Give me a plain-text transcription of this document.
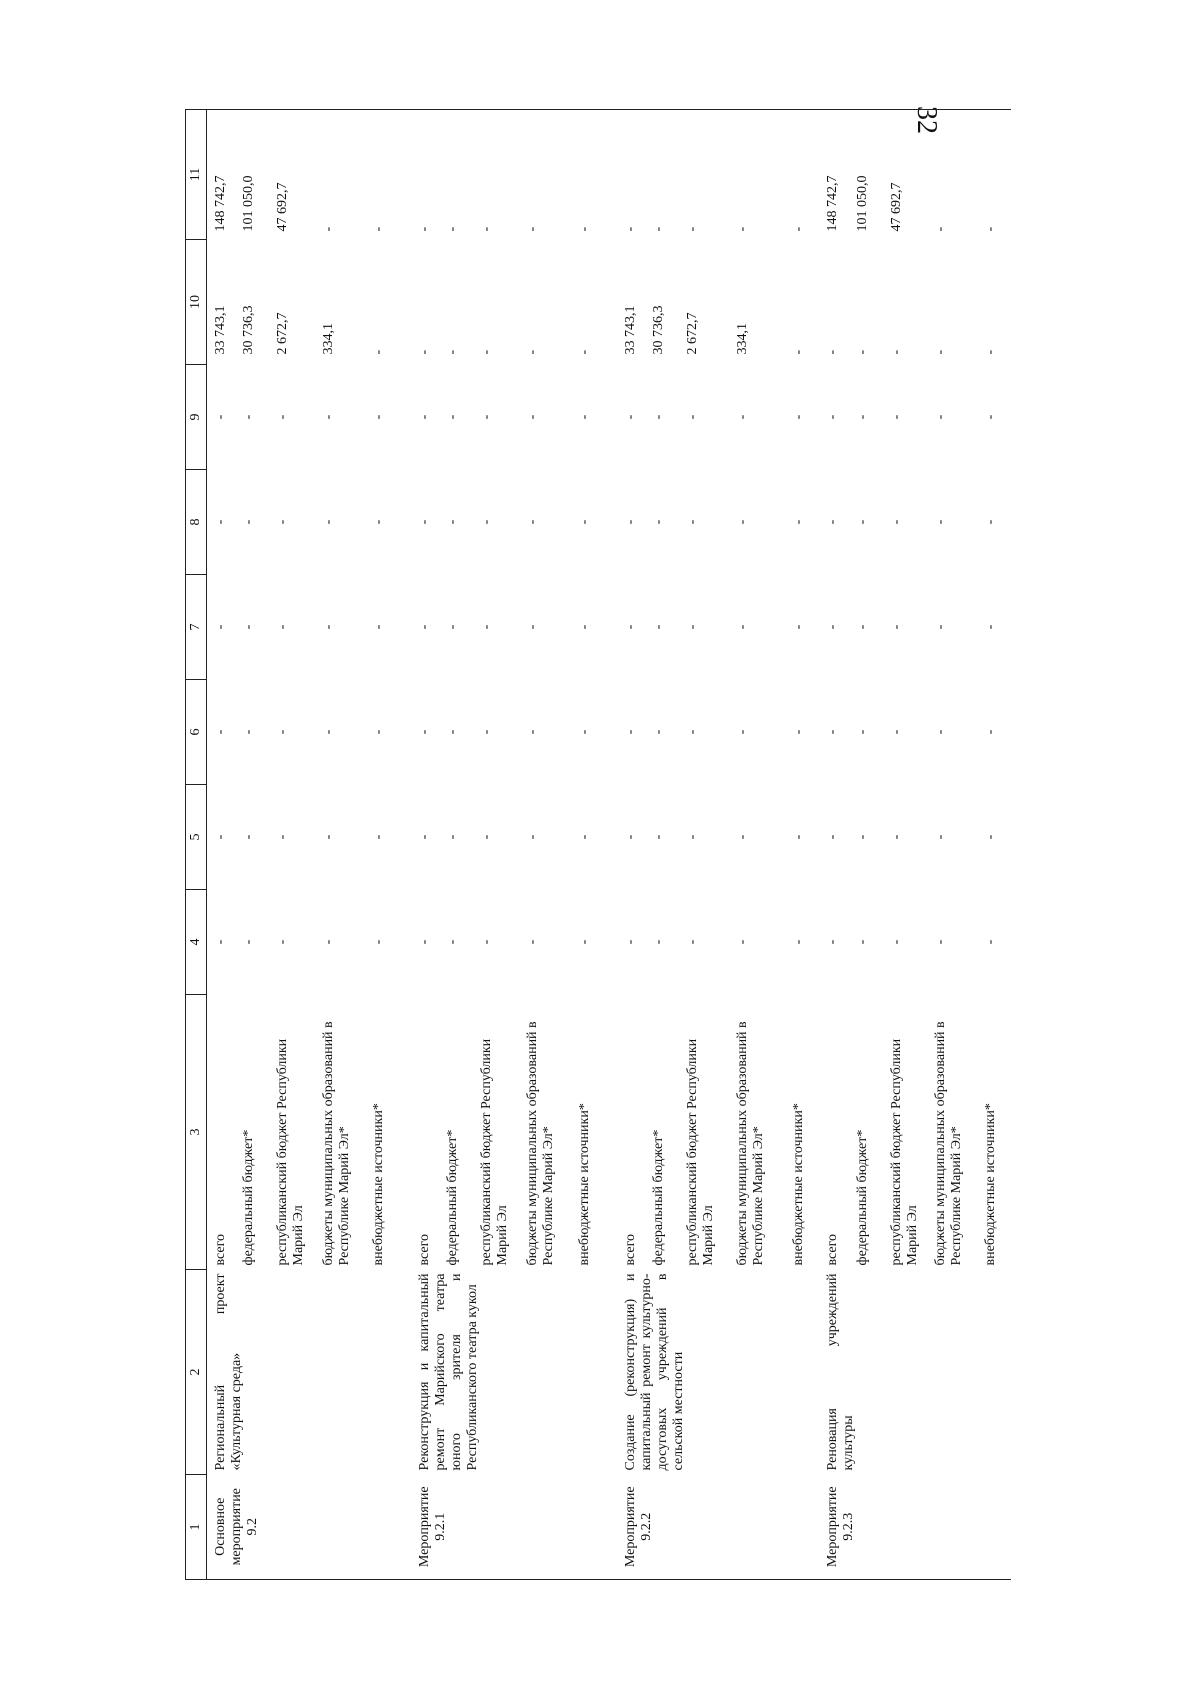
32
1	2	3	4	5	6	7	8	9	10	11
Основное мероприятие 9.2	Региональный проект «Культурная среда»	всего	-	-	-	-	-	-	33 743,1	148 742,7
		федеральный бюджет*	-	-	-	-	-	-	30 736,3	101 050,0
		республиканский бюджет Республики Марий Эл	-	-	-	-	-	-	2 672,7	47 692,7
		бюджеты муниципальных образований в Республике Марий Эл*	-	-	-	-	-	-	334,1	-
		внебюджетные источники*	-	-	-	-	-	-	-	-
Мероприятие 9.2.1	Реконструкция и капитальный ремонт Марийского театра юного зрителя и Республиканского театра кукол	всего	-	-	-	-	-	-	-	-
		федеральный бюджет*	-	-	-	-	-	-	-	-
		республиканский бюджет Республики Марий Эл	-	-	-	-	-	-	-	-
		бюджеты муниципальных образований в Республике Марий Эл*	-	-	-	-	-	-	-	-
		внебюджетные источники*	-	-	-	-	-	-	-	-
Мероприятие 9.2.2	Создание (реконструкция) и капитальный ремонт культурно-досуговых учреждений в сельской местности	всего	-	-	-	-	-	-	33 743,1	-
		федеральный бюджет*	-	-	-	-	-	-	30 736,3	-
		республиканский бюджет Республики Марий Эл	-	-	-	-	-	-	2 672,7	-
		бюджеты муниципальных образований в Республике Марий Эл*	-	-	-	-	-	-	334,1	-
		внебюджетные источники*	-	-	-	-	-	-	-	-
Мероприятие 9.2.3	Реновация учреждений культуры	всего	-	-	-	-	-	-	-	148 742,7
		федеральный бюджет*	-	-	-	-	-	-	-	101 050,0
		республиканский бюджет Республики Марий Эл	-	-	-	-	-	-	-	47 692,7
		бюджеты муниципальных образований в Республике Марий Эл*	-	-	-	-	-	-	-	-
		внебюджетные источники*	-	-	-	-	-	-	-	-
